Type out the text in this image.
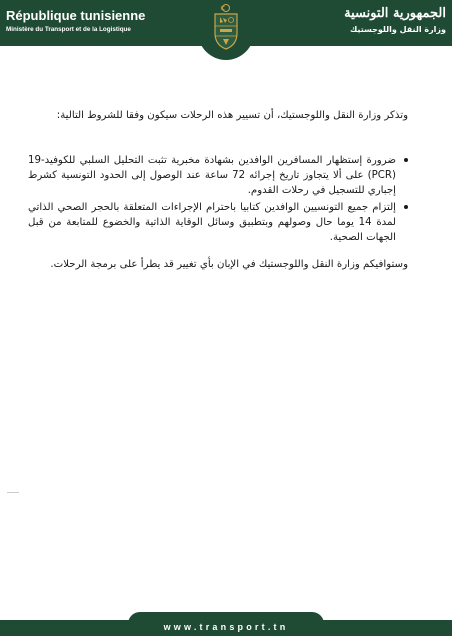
République tunisienne
Ministère du Transport et de la Logistique
الجمهورية التونسية
وزارة النقل واللوجستيك

وتذكر وزارة النقل واللوجستيك، أن تسيير هذه الرحلات سيكون وفقا للشروط التالية:

ضرورة إستظهار المسافرين الوافدين بشهادة مخبرية تثبت التحليل السلبي للكوفيد-19 (PCR) على ألا يتجاوز تاريخ إجرائه 72 ساعة عند الوصول إلى الحدود التونسية كشرط إجباري للتسجيل في رحلات القدوم.
إلتزام جميع التونسيين الوافدين كتابيا باحترام الإجراءات المتعلقة بالحجر الصحي الذاتي لمدة 14 يوما حال وصولهم وبتطبيق وسائل الوقاية الذاتية والخضوع للمتابعة من قبل الجهات الصحية.

وستوافيكم وزارة النقل واللوجستيك في الإبان بأي تغيير قد يطرأ على برمجة الرحلات.

www.transport.tn
